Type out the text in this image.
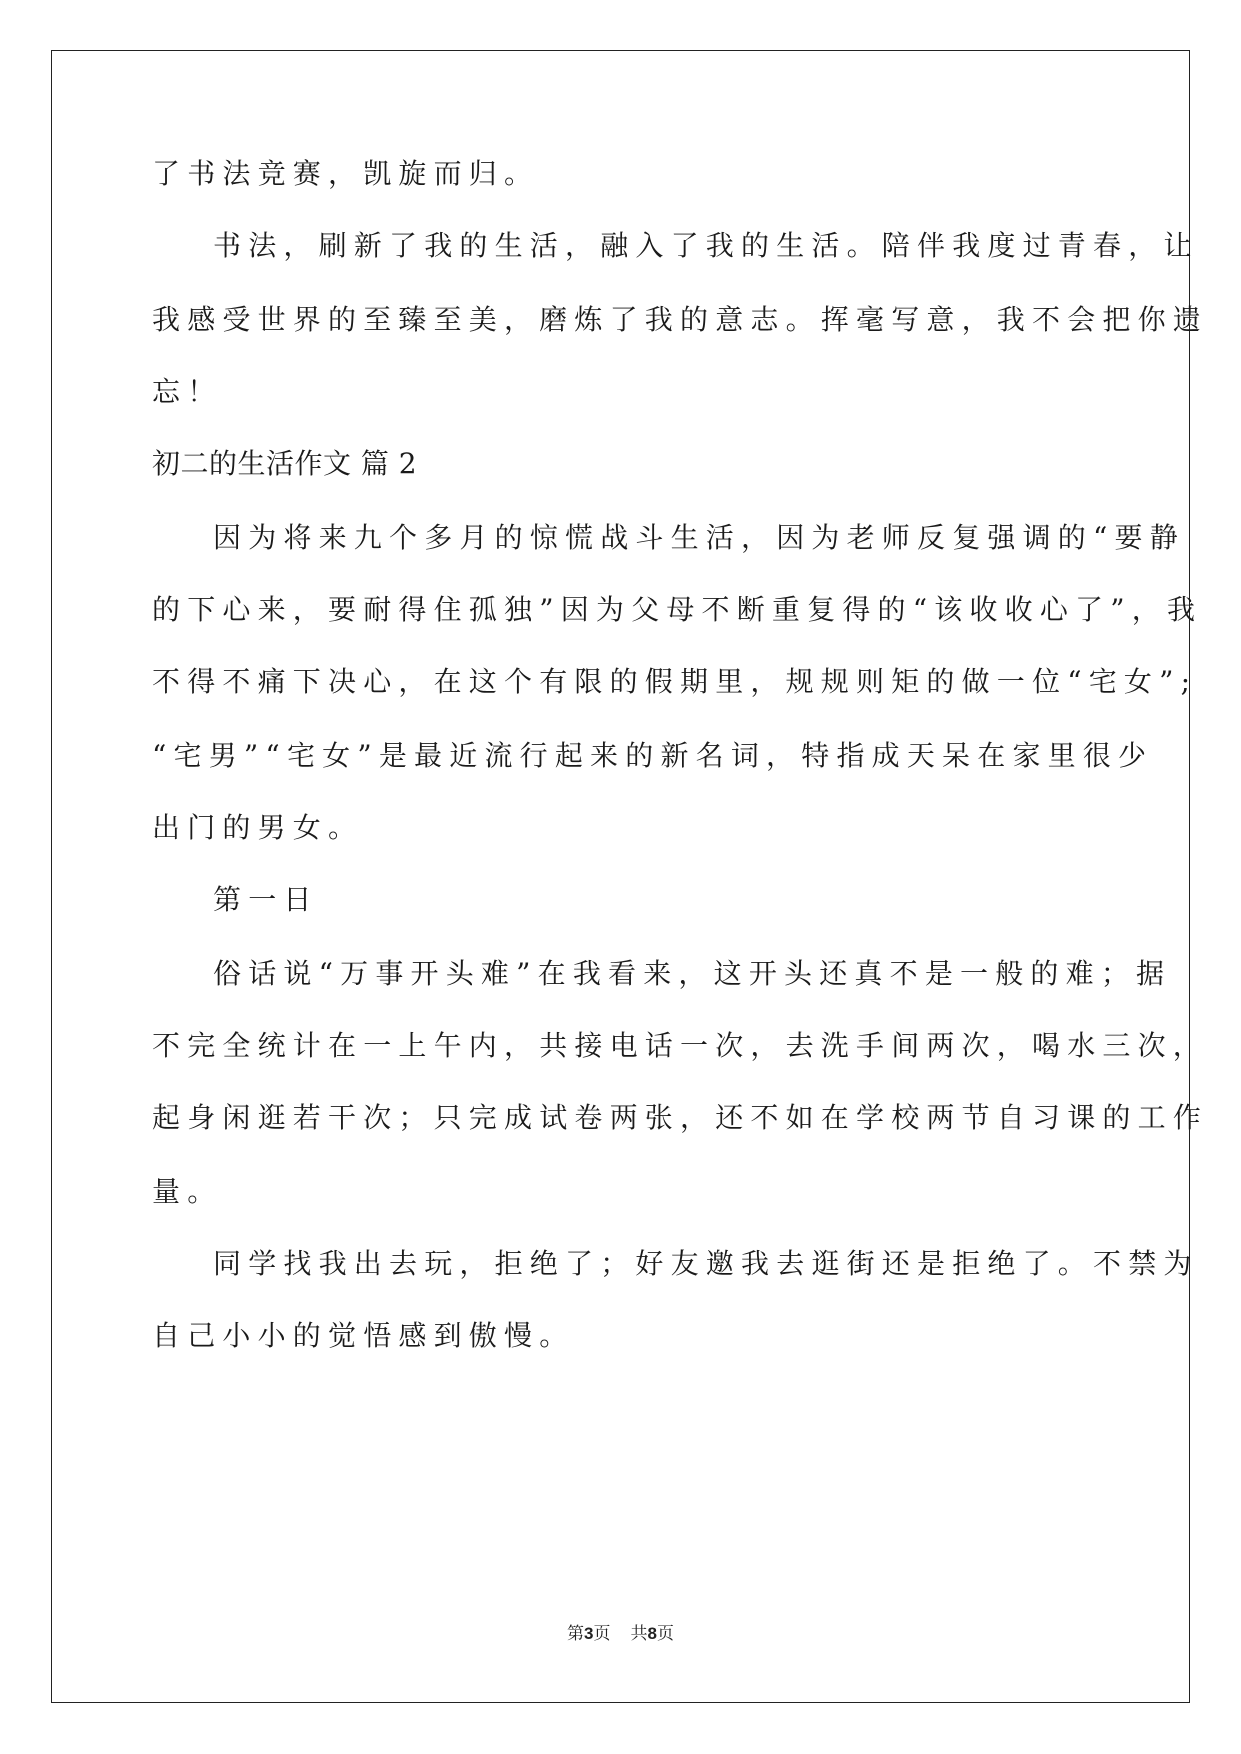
了书法竞赛，凯旋而归。
书法，刷新了我的生活，融入了我的生活。陪伴我度过青春，让
我感受世界的至臻至美，磨炼了我的意志。挥毫写意，我不会把你遗
忘！
初二的生活作文 篇 2
因为将来九个多月的惊慌战斗生活，因为老师反复强调的“要静
的下心来，要耐得住孤独”因为父母不断重复得的“该收收心了”，我
不得不痛下决心，在这个有限的假期里，规规则矩的做一位“宅女”;
“宅男”“宅女”是最近流行起来的新名词，特指成天呆在家里很少
出门的男女。
第一日
俗话说“万事开头难”在我看来，这开头还真不是一般的难；据
不完全统计在一上午内，共接电话一次，去洗手间两次，喝水三次，
起身闲逛若干次；只完成试卷两张，还不如在学校两节自习课的工作
量。
同学找我出去玩，拒绝了；好友邀我去逛街还是拒绝了。不禁为
自己小小的觉悟感到傲慢。
第3页 共8页
